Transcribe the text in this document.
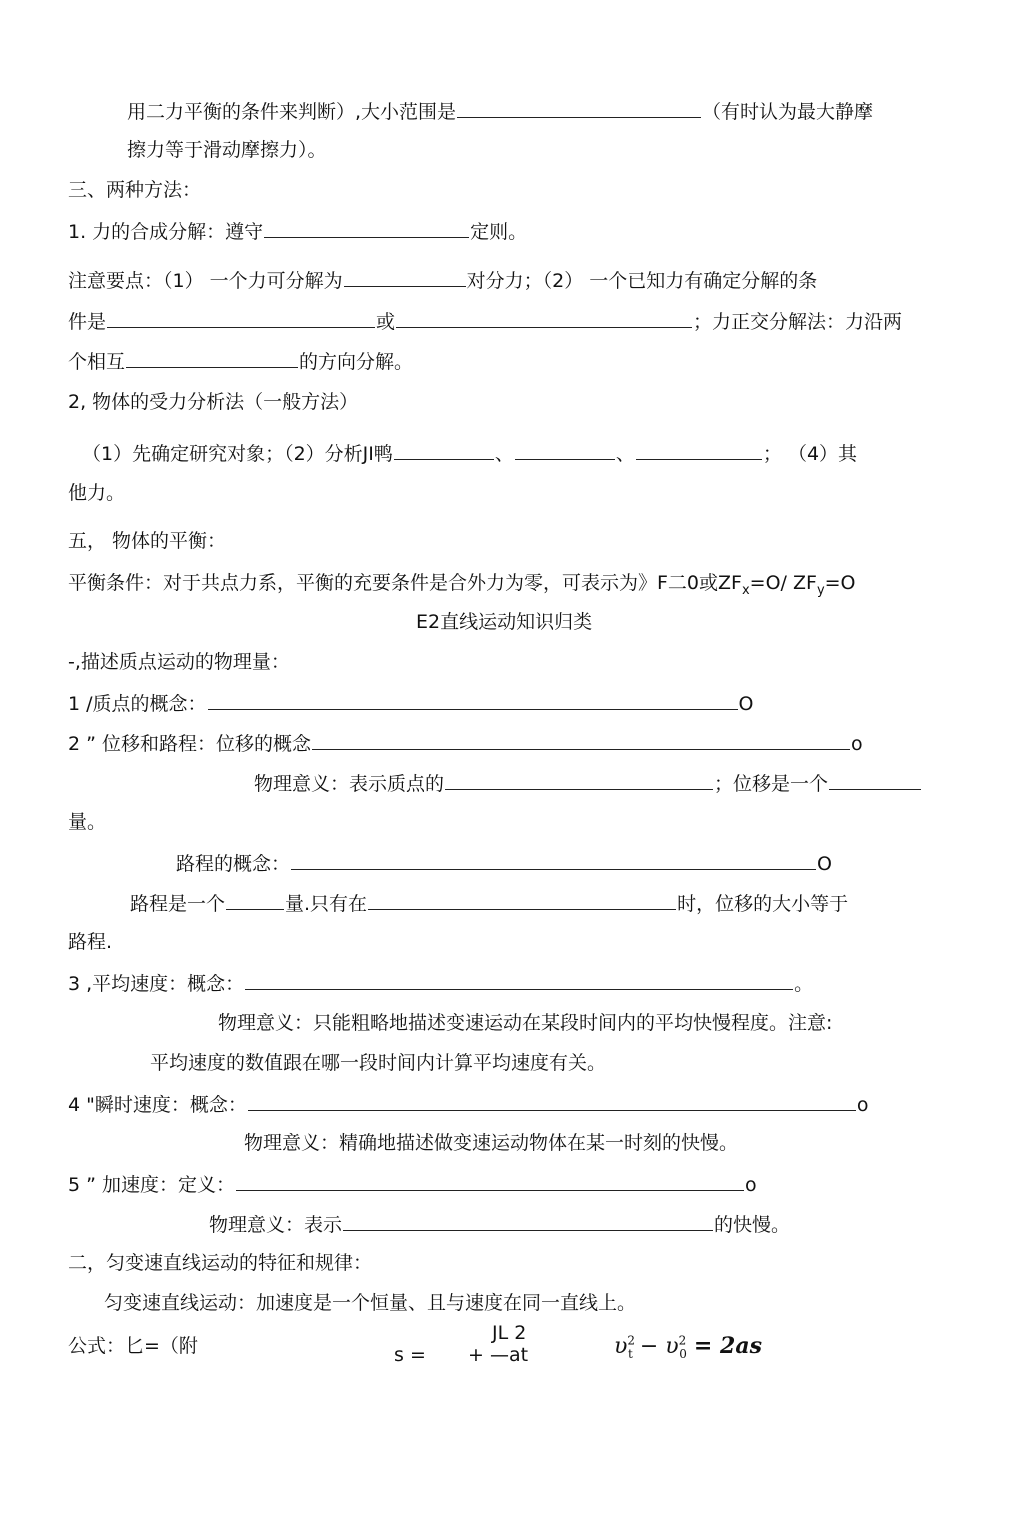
用二力平衡的条件来判断）,大小范围是	（有时认为最大静摩
擦力等于滑动摩擦力）。
三、两种方法：
1. 力的合成分解：遵守	定则。
注意要点：（1） 一个力可分解为	对分力；（2） 一个已知力有确定分解的条
件是	或	；力正交分解法：力沿两
个相互	的方向分解。
2, 物体的受力分析法（一般方法）
（1）先确定研究对象；（2）分析JI鸭	、	、	； （4）其
他力。
五， 物体的平衡：
平衡条件：对于共点力系，平衡的充要条件是合外力为零，可表示为》F二0或$ZF_x=O/$ $ZF_y=O$
E2直线运动知识归类
-,描述质点运动的物理量：
1 /质点的概念：	O
2 ” 位移和路程：位移的概念	o
物理意义：表示质点的	；位移是一个
量。
路程的概念：	O
路程是一个	量.只有在	时，位移的大小等于
路程.
3 ,平均速度：概念：	。
物理意义：只能粗略地描述变速运动在某段时间内的平均快慢程度。注意:
平均速度的数值跟在哪一段时间内计算平均速度有关。
4 "瞬时速度：概念：	o
物理意义：精确地描述做变速运动物体在某一时刻的快慢。
5 ” 加速度：定义：	o
物理意义：表示	的快慢。
二，匀变速直线运动的特征和规律：
匀变速直线运动：加速度是一个恒量、且与速度在同一直线上。
公式：匕=（附
JL 2
s = + —at	$\upsilon^2_t - \upsilon^2_0 = 2as$
